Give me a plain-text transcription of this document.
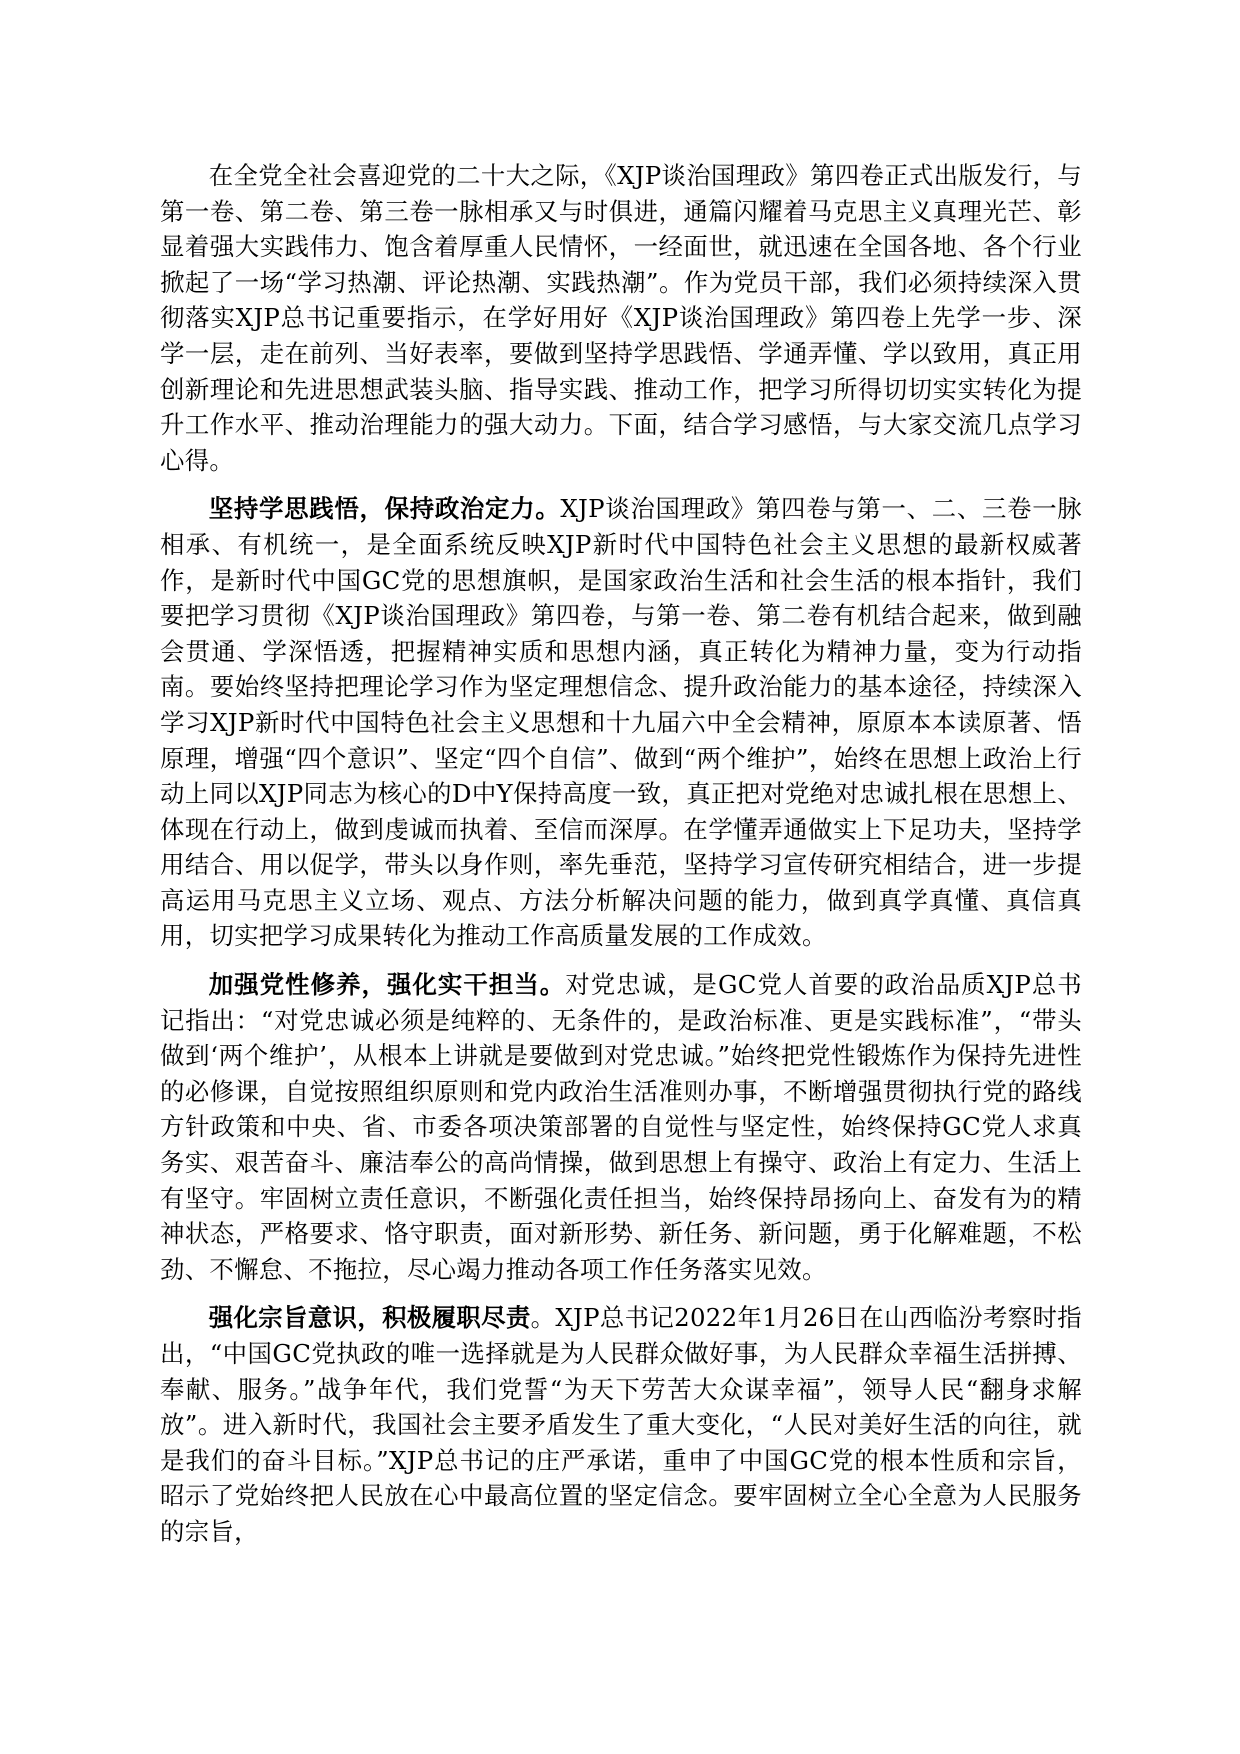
在全党全社会喜迎党的二十大之际，《XJP谈治国理政》第四卷正式出版发行，与第一卷、第二卷、第三卷一脉相承又与时俱进，通篇闪耀着马克思主义真理光芒、彰显着强大实践伟力、饱含着厚重人民情怀，一经面世，就迅速在全国各地、各个行业掀起了一场“学习热潮、评论热潮、实践热潮”。作为党员干部，我们必须持续深入贯彻落实XJP总书记重要指示，在学好用好《XJP谈治国理政》第四卷上先学一步、深学一层，走在前列、当好表率，要做到坚持学思践悟、学通弄懂、学以致用，真正用创新理论和先进思想武装头脑、指导实践、推动工作，把学习所得切切实实转化为提升工作水平、推动治理能力的强大动力。下面，结合学习感悟，与大家交流几点学习心得。

坚持学思践悟，保持政治定力。XJP谈治国理政》第四卷与第一、二、三卷一脉相承、有机统一，是全面系统反映XJP新时代中国特色社会主义思想的最新权威著作，是新时代中国GC党的思想旗帜，是国家政治生活和社会生活的根本指针，我们要把学习贯彻《XJP谈治国理政》第四卷，与第一卷、第二卷有机结合起来，做到融会贯通、学深悟透，把握精神实质和思想内涵，真正转化为精神力量，变为行动指南。要始终坚持把理论学习作为坚定理想信念、提升政治能力的基本途径，持续深入学习XJP新时代中国特色社会主义思想和十九届六中全会精神，原原本本读原著、悟原理，增强“四个意识”、坚定“四个自信”、做到“两个维护”，始终在思想上政治上行动上同以XJP同志为核心的D中Y保持高度一致，真正把对党绝对忠诚扎根在思想上、体现在行动上，做到虔诚而执着、至信而深厚。在学懂弄通做实上下足功夫，坚持学用结合、用以促学，带头以身作则，率先垂范，坚持学习宣传研究相结合，进一步提高运用马克思主义立场、观点、方法分析解决问题的能力，做到真学真懂、真信真用，切实把学习成果转化为推动工作高质量发展的工作成效。

加强党性修养，强化实干担当。对党忠诚，是GC党人首要的政治品质XJP总书记指出：“对党忠诚必须是纯粹的、无条件的，是政治标准、更是实践标准”，“带头做到‘两个维护’，从根本上讲就是要做到对党忠诚。”始终把党性锻炼作为保持先进性的必修课，自觉按照组织原则和党内政治生活准则办事，不断增强贯彻执行党的路线方针政策和中央、省、市委各项决策部署的自觉性与坚定性，始终保持GC党人求真务实、艰苦奋斗、廉洁奉公的高尚情操，做到思想上有操守、政治上有定力、生活上有坚守。牢固树立责任意识，不断强化责任担当，始终保持昂扬向上、奋发有为的精神状态，严格要求、恪守职责，面对新形势、新任务、新问题，勇于化解难题，不松劲、不懈怠、不拖拉，尽心竭力推动各项工作任务落实见效。

强化宗旨意识，积极履职尽责。XJP总书记2022年1月26日在山西临汾考察时指出，“中国GC党执政的唯一选择就是为人民群众做好事，为人民群众幸福生活拼搏、奉献、服务。”战争年代，我们党誓“为天下劳苦大众谋幸福”，领导人民“翻身求解放”。进入新时代，我国社会主要矛盾发生了重大变化，“人民对美好生活的向往，就是我们的奋斗目标。”XJP总书记的庄严承诺，重申了中国GC党的根本性质和宗旨，昭示了党始终把人民放在心中最高位置的坚定信念。要牢固树立全心全意为人民服务的宗旨，
